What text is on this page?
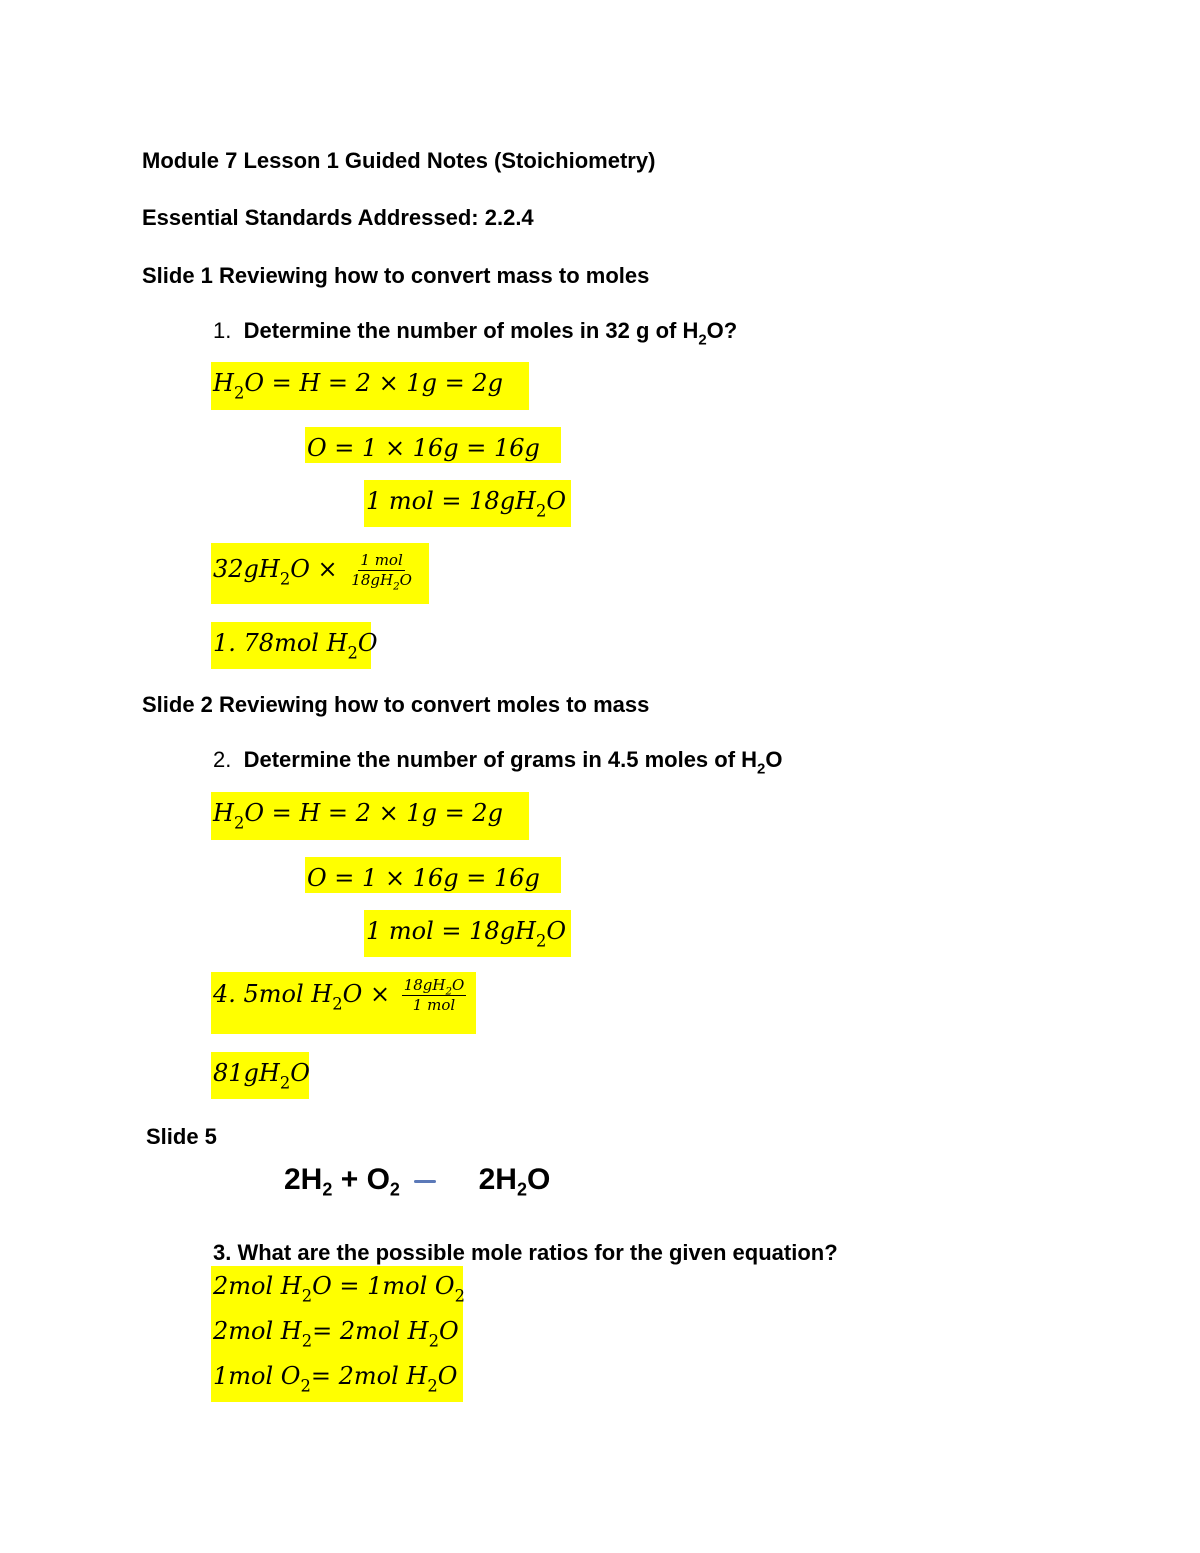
Module 7 Lesson 1 Guided Notes (Stoichiometry)
Essential Standards Addressed: 2.2.4
Slide 1 Reviewing how to convert mass to moles
1. Determine the number of moles in 32 g of $H_2O$?
$H_2O = H = 2 \times 1g = 2g$
O = 1 × 16g = 16g
1 mol = $18gH_2O$
$32gH_2O \times \frac{\text{1 mol}}{18gH_2O}$
1. 78mol $H_2O$
Slide 2 Reviewing how to convert moles to mass
2. Determine the number of grams in 4.5 moles of $H_2O$
$H_2O = H = 2 \times 1g = 2g$
O = 1 × 16g = 16g
1 mol = $18gH_2O$
4. 5mol $H_2O \times \frac{18gH_2O}{\text{1 mol}}$
$81gH_2O$
Slide 5
$2H_2 + O_2$	$2H_2O$
3. What are the possible mole ratios for the given equation?
2mol $H_2O = 1mol$ $O_2$
2mol $H_2= 2mol$ $H_2O$
1mol $O_2= 2mol$ $H_2O$
